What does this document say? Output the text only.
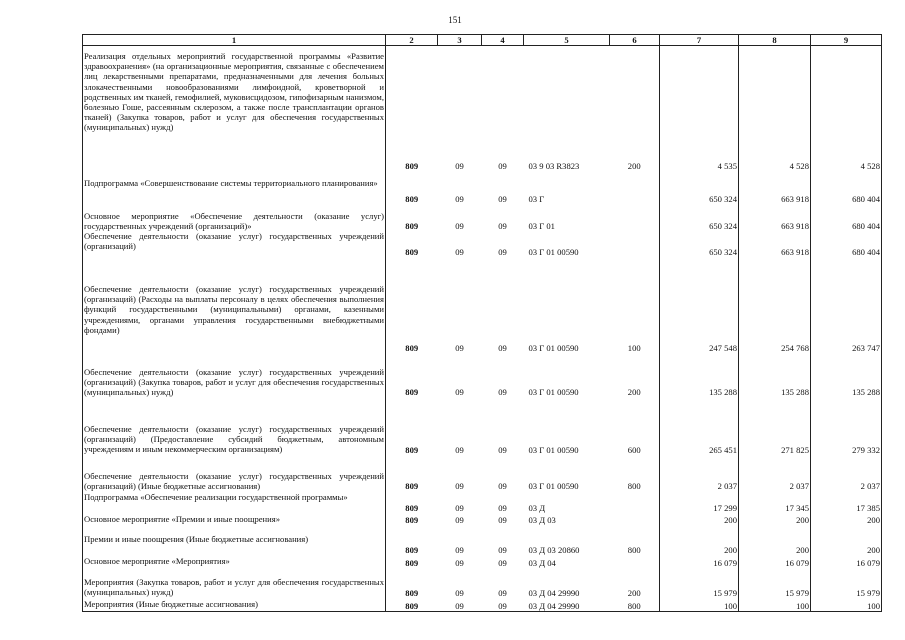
151
1	2	3	4	5	6	7	8	9
Реализация отдельных мероприятий государственной программы «Развитие здравоохранения» (на организационные мероприятия, связанные с обеспечением лиц лекарственными препаратами, предназначенными для лечения больных злокачественными новообразованиями лимфоидной, кроветворной и родственных им тканей, гемофилией, муковисцидозом, гипофизарным нанизмом, болезнью Гоше, рассеянным склерозом, а также после трансплантации органов тканей) (Закупка товаров, работ и услуг для обеспечения государственных (муниципальных) нужд)	809	09	09	03 9 03 R3823	200	4 535	4 528	4 528
Подпрограмма «Совершенствование системы территориального планирования»	809	09	09	03 Г		650 324	663 918	680 404
Основное мероприятие «Обеспечение деятельности (оказание услуг) государственных учреждений (организаций)»	809	09	09	03 Г 01		650 324	663 918	680 404
Обеспечение деятельности (оказание услуг) государственных учреждений (организаций)	809	09	09	03 Г 01 00590		650 324	663 918	680 404
Обеспечение деятельности (оказание услуг) государственных учреждений (организаций) (Расходы на выплаты персоналу в целях обеспечения выполнения функций государственными (муниципальными) органами, казенными учреждениями, органами управления государственными внебюджетными фондами)	809	09	09	03 Г 01 00590	100	247 548	254 768	263 747
Обеспечение деятельности (оказание услуг) государственных учреждений (организаций) (Закупка товаров, работ и услуг для обеспечения государственных (муниципальных) нужд)	809	09	09	03 Г 01 00590	200	135 288	135 288	135 288
Обеспечение деятельности (оказание услуг) государственных учреждений (организаций) (Предоставление субсидий бюджетным, автономным учреждениям и иным некоммерческим организациям)	809	09	09	03 Г 01 00590	600	265 451	271 825	279 332
Обеспечение деятельности (оказание услуг) государственных учреждений (организаций) (Иные бюджетные ассигнования)	809	09	09	03 Г 01 00590	800	2 037	2 037	2 037
Подпрограмма «Обеспечение реализации государственной программы»	809	09	09	03 Д		17 299	17 345	17 385
Основное мероприятие «Премии и иные поощрения»	809	09	09	03 Д 03		200	200	200
Премии и иные поощрения (Иные бюджетные ассигнования)	809	09	09	03 Д 03 20860	800	200	200	200
Основное мероприятие «Мероприятия»	809	09	09	03 Д 04		16 079	16 079	16 079
Мероприятия (Закупка товаров, работ и услуг для обеспечения государственных (муниципальных) нужд)	809	09	09	03 Д 04 29990	200	15 979	15 979	15 979
Мероприятия (Иные бюджетные ассигнования)	809	09	09	03 Д 04 29990	800	100	100	100
